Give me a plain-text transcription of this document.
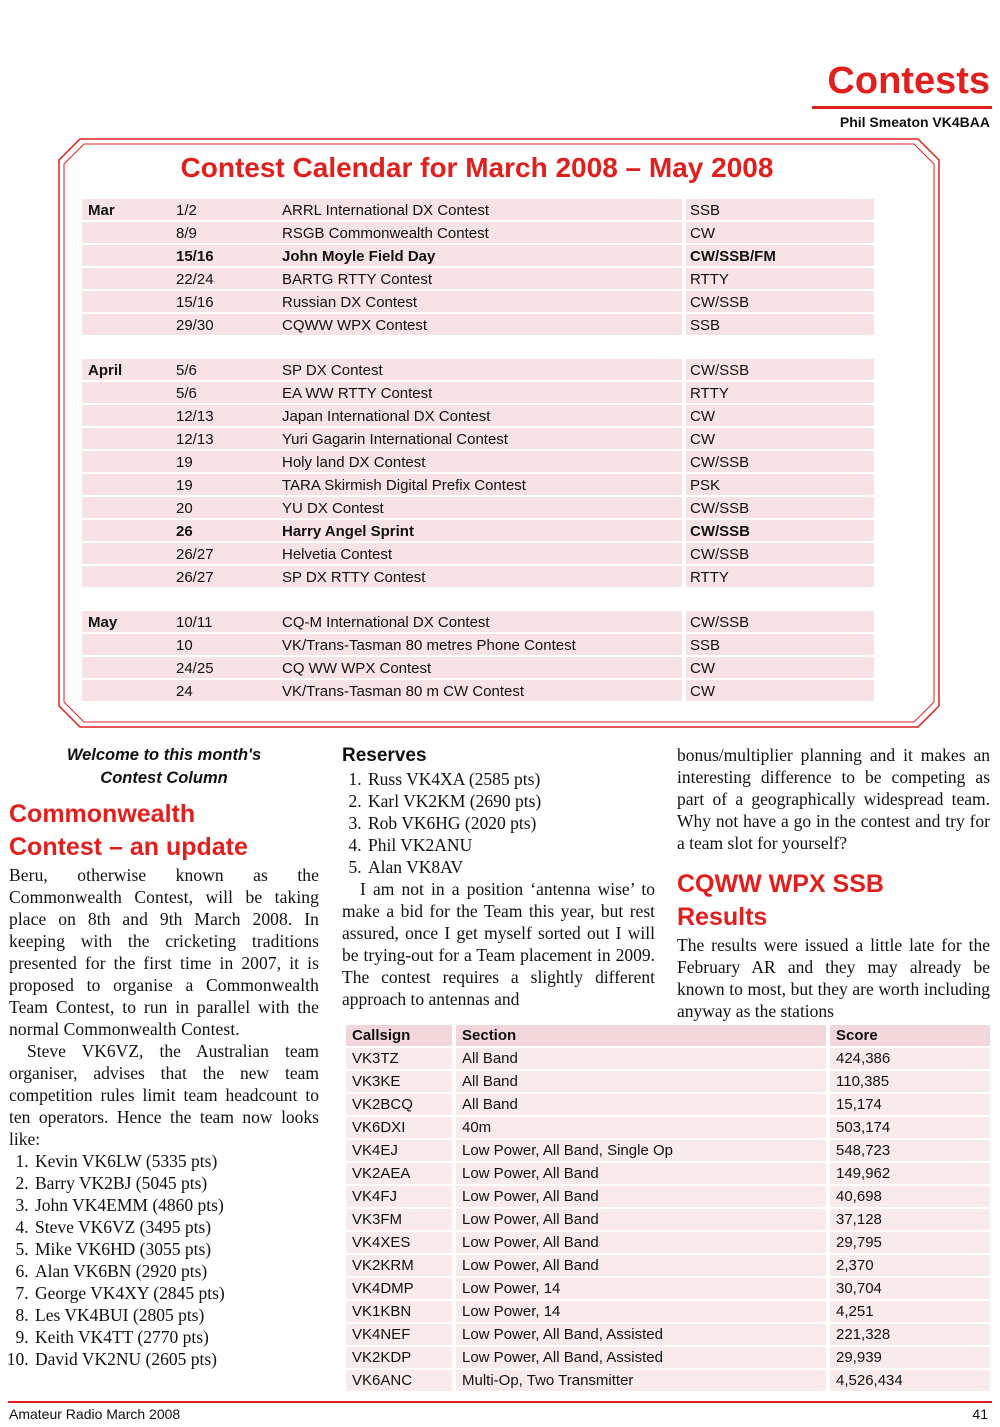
Contests
Phil Smeaton VK4BAA
Contest Calendar for March 2008 – May 2008
Mar	1/2	ARRL International DX Contest	SSB
8/9	RSGB Commonwealth Contest	CW
15/16	John Moyle Field Day	CW/SSB/FM
22/24	BARTG RTTY Contest	RTTY
15/16	Russian DX Contest	CW/SSB
29/30	CQWW WPX Contest	SSB
April	5/6	SP DX Contest	CW/SSB
5/6	EA WW RTTY Contest	RTTY
12/13	Japan International DX Contest	CW
12/13	Yuri Gagarin International Contest	CW
19	Holy land DX Contest	CW/SSB
19	TARA Skirmish Digital Prefix Contest	PSK
20	YU DX Contest	CW/SSB
26	Harry Angel Sprint	CW/SSB
26/27	Helvetia Contest	CW/SSB
26/27	SP DX RTTY Contest	RTTY
May	10/11	CQ-M International DX Contest	CW/SSB
10	VK/Trans-Tasman 80 metres Phone Contest	SSB
24/25	CQ WW WPX Contest	CW
24	VK/Trans-Tasman 80 m CW Contest	CW
Welcome to this month's
Contest Column
Commonwealth
Contest – an update

Beru, otherwise known as the Commonwealth Contest, will be taking place on 8th and 9th March 2008. In keeping with the cricketing traditions presented for the first time in 2007, it is proposed to organise a Commonwealth Team Contest, to run in parallel with the normal Commonwealth Contest.

Steve VK6VZ, the Australian team organiser, advises that the new team competition rules limit team headcount to ten operators. Hence the team now looks like:

1. Kevin VK6LW (5335 pts)
2. Barry VK2BJ (5045 pts)
3. John VK4EMM (4860 pts)
4. Steve VK6VZ (3495 pts)
5. Mike VK6HD (3055 pts)
6. Alan VK6BN (2920 pts)
7. George VK4XY (2845 pts)
8. Les VK4BUI (2805 pts)
9. Keith VK4TT (2770 pts)
10. David VK2NU (2605 pts)
Reserves
1. Russ VK4XA (2585 pts)
2. Karl VK2KM (2690 pts)
3. Rob VK6HG (2020 pts)
4. Phil VK2ANU
5. Alan VK8AV

I am not in a position ‘antenna wise’ to make a bid for the Team this year, but rest assured, once I get myself sorted out I will be trying-out for a Team placement in 2009. The contest requires a slightly different approach to antennas and

bonus/multiplier planning and it makes an interesting difference to be competing as part of a geographically widespread team. Why not have a go in the contest and try for a team slot for yourself?

CQWW WPX SSB
Results

The results were issued a little late for the February AR and they may already be known to most, but they are worth including anyway as the stations

Callsign	Section	Score
VK3TZ	All Band	424,386
VK3KE	All Band	110,385
VK2BCQ	All Band	15,174
VK6DXI	40m	503,174
VK4EJ	Low Power, All Band, Single Op	548,723
VK2AEA	Low Power, All Band	149,962
VK4FJ	Low Power, All Band	40,698
VK3FM	Low Power, All Band	37,128
VK4XES	Low Power, All Band	29,795
VK2KRM	Low Power, All Band	2,370
VK4DMP	Low Power, 14	30,704
VK1KBN	Low Power, 14	4,251
VK4NEF	Low Power, All Band, Assisted	221,328
VK2KDP	Low Power, All Band, Assisted	29,939
VK6ANC	Multi-Op, Two Transmitter	4,526,434
Amateur Radio March 2008	41
